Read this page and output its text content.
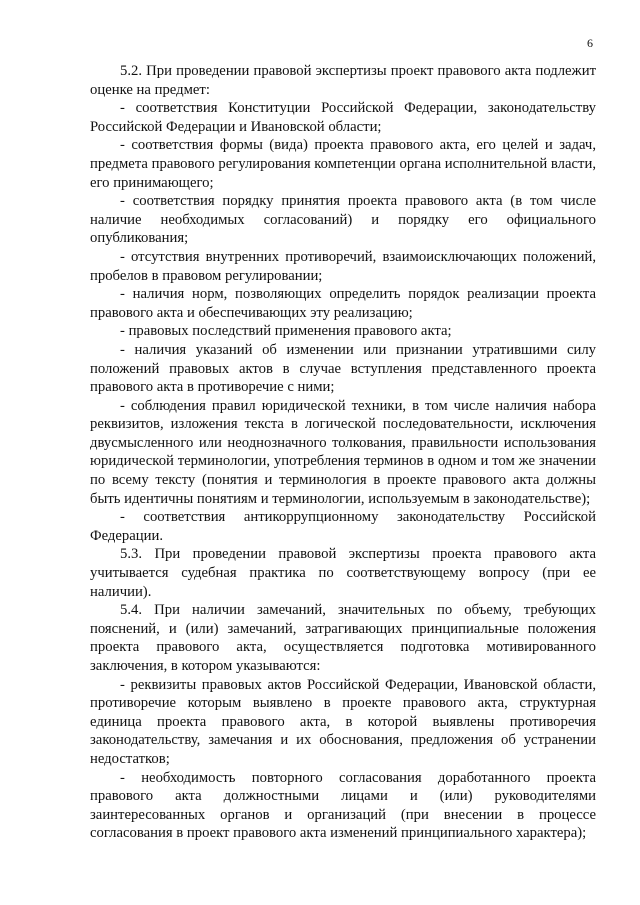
6

5.2. При проведении правовой экспертизы проект правового акта подлежит оценке на предмет:

- соответствия Конституции Российской Федерации, законодательству Российской Федерации и Ивановской области;

- соответствия формы (вида) проекта правового акта, его целей и задач, предмета правового регулирования компетенции органа исполнительной власти, его принимающего;

- соответствия порядку принятия проекта правового акта (в том числе наличие необходимых согласований) и порядку его официального опубликования;

- отсутствия внутренних противоречий, взаимоисключающих положений, пробелов в правовом регулировании;

- наличия норм, позволяющих определить порядок реализации проекта правового акта и обеспечивающих эту реализацию;

- правовых последствий применения правового акта;

- наличия указаний об изменении или признании утратившими силу положений правовых актов в случае вступления представленного проекта правового акта в противоречие с ними;

- соблюдения правил юридической техники, в том числе наличия набора реквизитов, изложения текста в логической последовательности, исключения двусмысленного или неоднозначного толкования, правильности использования юридической терминологии, употребления терминов в одном и том же значении по всему тексту (понятия и терминология в проекте правового акта должны быть идентичны понятиям и терминологии, используемым в законодательстве);

- соответствия антикоррупционному законодательству Российской Федерации.

5.3. При проведении правовой экспертизы проекта правового акта учитывается судебная практика по соответствующему вопросу (при ее наличии).

5.4. При наличии замечаний, значительных по объему, требующих пояснений, и (или) замечаний, затрагивающих принципиальные положения проекта правового акта, осуществляется подготовка мотивированного заключения, в котором указываются:

- реквизиты правовых актов Российской Федерации, Ивановской области, противоречие которым выявлено в проекте правового акта, структурная единица проекта правового акта, в которой выявлены противоречия законодательству, замечания и их обоснования, предложения об устранении недостатков;

- необходимость повторного согласования доработанного проекта правового акта должностными лицами и (или) руководителями заинтересованных органов и организаций (при внесении в процессе согласования в проект правового акта изменений принципиального характера);
